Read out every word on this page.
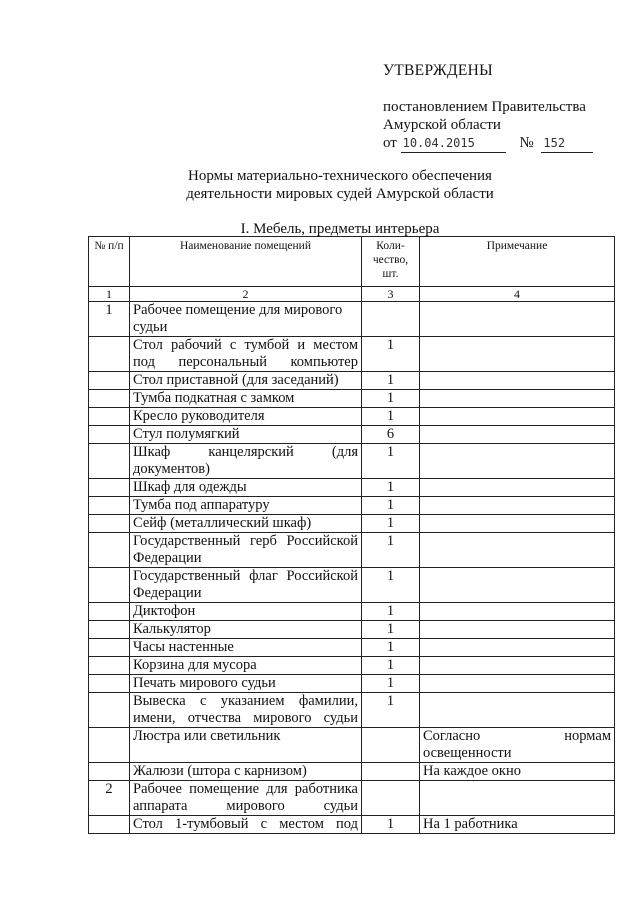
УТВЕРЖДЕНЫ
постановлением Правительства
Амурской области
от 10.04.2015	№ 152
Нормы материально-технического обеспечения
деятельности мировых судей Амурской области
I. Мебель, предметы интерьера
№ п/п	Наименование помещений	Коли-чество, шт.	Примечание
1	2	3	4
1	Рабочее помещение для мирового судьи		
	Стол рабочий с тумбой и местом под персональный компьютер	1	
	Стол приставной (для заседаний)	1	
	Тумба подкатная с замком	1	
	Кресло руководителя	1	
	Стул полумягкий	6	
	Шкаф канцелярский (для документов)	1	
	Шкаф для одежды	1	
	Тумба под аппаратуру	1	
	Сейф (металлический шкаф)	1	
	Государственный герб Российской Федерации	1	
	Государственный флаг Российской Федерации	1	
	Диктофон	1	
	Калькулятор	1	
	Часы настенные	1	
	Корзина для мусора	1	
	Печать мирового судьи	1	
	Вывеска с указанием фамилии, имени, отчества мирового судьи	1	
	Люстра или светильник		Согласно нормам освещенности
	Жалюзи (штора с карнизом)		На каждое окно
2	Рабочее помещение для работника аппарата мирового судьи		
	Стол 1-тумбовый с местом под	1	На 1 работника
